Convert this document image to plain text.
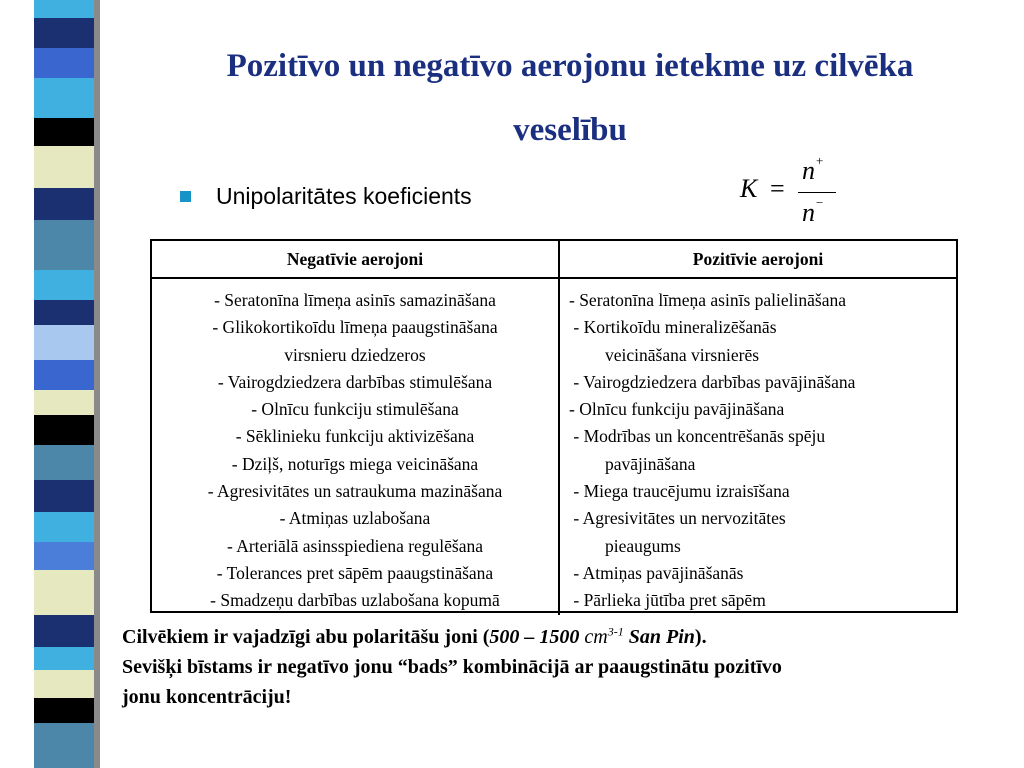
Pozitīvo un negatīvo aerojonu ietekme uz cilvēka
veselību
Unipolaritātes koeficients	K =
n+
n−
Negatīvie aerojoni	Pozitīvie aerojoni
- Seratonīna līmeņa asinīs samazināšana
- Glikokortikoīdu līmeņa paaugstināšana
virsnieru dziedzeros
- Vairogdziedzera darbības stimulēšana
- Olnīcu funkciju stimulēšana
- Sēklinieku funkciju aktivizēšana
- Dziļš, noturīgs miega veicināšana
- Agresivitātes un satraukuma mazināšana
- Atmiņas uzlabošana
- Arteriālā asinsspiediena regulēšana
- Tolerances pret sāpēm paaugstināšana
- Smadzeņu darbības uzlabošana kopumā
- Seratonīna līmeņa asinīs palielināšana
- Kortikoīdu mineralizēšanās
veicināšana virsnierēs
- Vairogdziedzera darbības pavājināšana
- Olnīcu funkciju pavājināšana
- Modrības un koncentrēšanās spēju
pavājināšana
- Miega traucējumu izraisīšana
- Agresivitātes un nervozitātes
pieaugums
- Atmiņas pavājināšanās
- Pārlieka jūtība pret sāpēm
Cilvēkiem ir vajadzīgi abu polaritāšu joni (500 – 1500 $cm^{3-1}$ San Pin).
Sevišķi bīstams ir negatīvo jonu “bads” kombinācijā ar paaugstinātu pozitīvo
jonu koncentrāciju!
